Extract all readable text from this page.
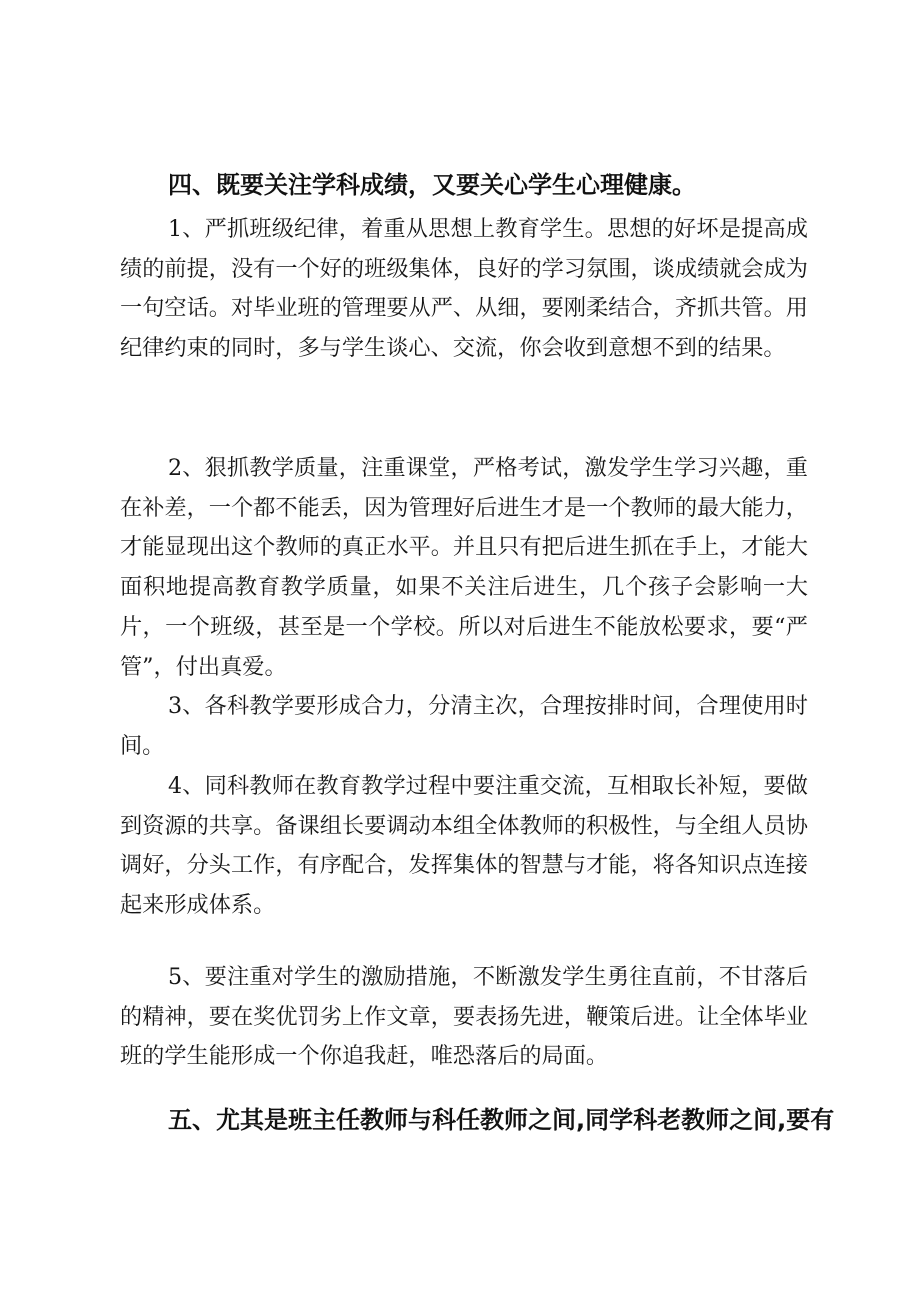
四、既要关注学科成绩，又要关心学生心理健康。

1、严抓班级纪律，着重从思想上教育学生。思想的好坏是提高成绩的前提，没有一个好的班级集体，良好的学习氛围，谈成绩就会成为一句空话。对毕业班的管理要从严、从细，要刚柔结合，齐抓共管。用纪律约束的同时，多与学生谈心、交流，你会收到意想不到的结果。

2、狠抓教学质量，注重课堂，严格考试，激发学生学习兴趣，重在补差，一个都不能丢，因为管理好后进生才是一个教师的最大能力，才能显现出这个教师的真正水平。并且只有把后进生抓在手上，才能大面积地提高教育教学质量，如果不关注后进生，几个孩子会影响一大片，一个班级，甚至是一个学校。所以对后进生不能放松要求，要“严管”，付出真爱。

3、各科教学要形成合力，分清主次，合理按排时间，合理使用时间。

4、同科教师在教育教学过程中要注重交流，互相取长补短，要做到资源的共享。备课组长要调动本组全体教师的积极性，与全组人员协调好，分头工作，有序配合，发挥集体的智慧与才能，将各知识点连接起来形成体系。

5、要注重对学生的激励措施，不断激发学生勇往直前，不甘落后的精神，要在奖优罚劣上作文章，要表扬先进，鞭策后进。让全体毕业班的学生能形成一个你追我赶，唯恐落后的局面。

五、尤其是班主任教师与科任教师之间,同学科老教师之间,要有
